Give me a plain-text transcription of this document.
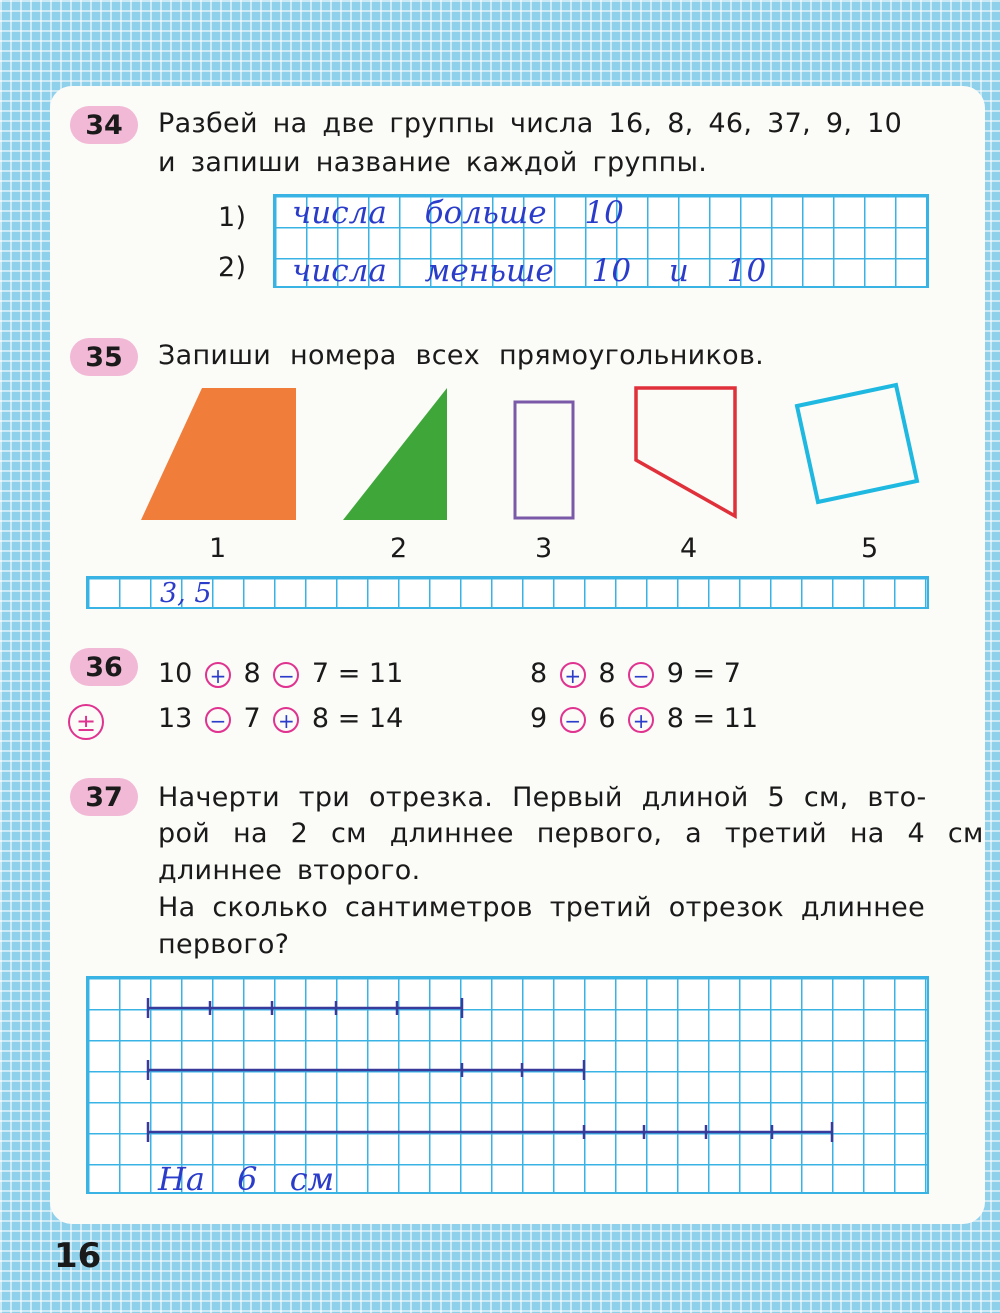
34	Разбей на две группы числа 16, 8, 46, 37, 9, 10
и запиши название каждой группы.
1)
2)
числа больше 10
числа меньше 10 и 10
35	Запиши номера всех прямоугольников.
1	2	3	4	5
3, 5
36
±
10 + 8 − 7 = 11	8 + 8 − 9 = 7
13 − 7 + 8 = 14	9 − 6 + 8 = 11
37	Начерти три отрезка. Первый длиной 5 см, вто-
рой на 2 см длиннее первого, а третий на 4 см
длиннее второго.
На сколько сантиметров третий отрезок длиннее
первого?
На 6 см
16
